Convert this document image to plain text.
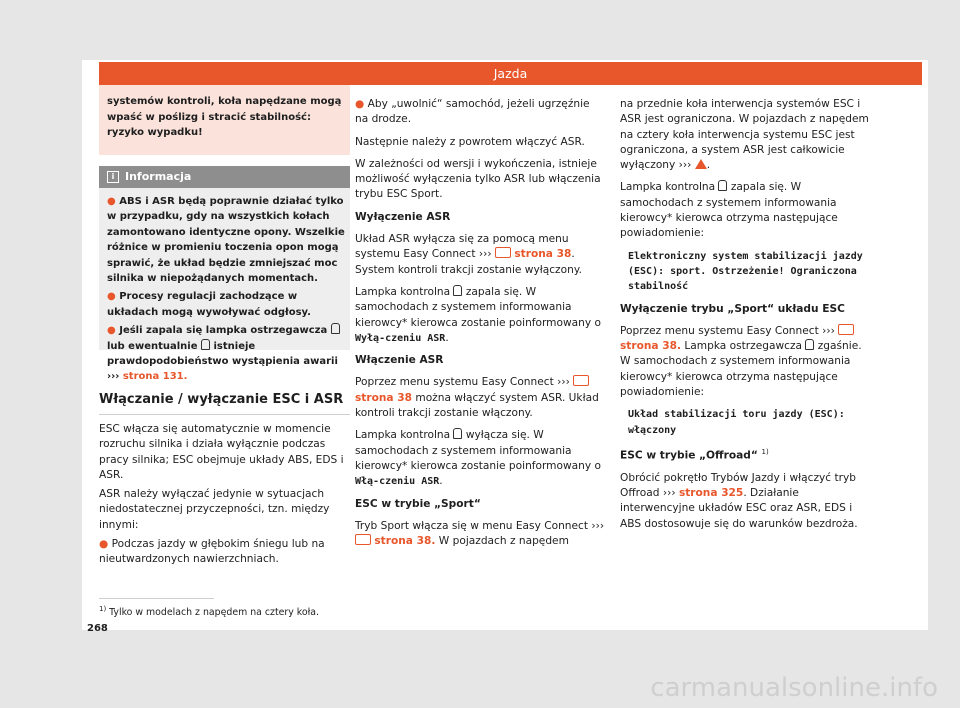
Jazda
systemów kontroli, koła napędzane mogą wpaść w poślizg i stracić stabilność: ryzyko wypadku!
i Informacja
● ABS i ASR będą poprawnie działać tylko w przypadku, gdy na wszystkich kołach zamontowano identyczne opony. Wszelkie różnice w promieniu toczenia opon mogą sprawić, że układ będzie zmniejszać moc silnika w niepożądanych momentach.
● Procesy regulacji zachodzące w układach mogą wywoływać odgłosy.
● Jeśli zapala się lampka ostrzegawcza  lub ewentualnie istnieje prawdopodobieństwo wystąpienia awarii ››› strona 131.
Włączanie / wyłączanie ESC i ASR

ESC włącza się automatycznie w momencie rozruchu silnika i działa wyłącznie podczas pracy silnika; ESC obejmuje układy ABS, EDS i ASR.

ASR należy wyłączać jedynie w sytuacjach niedostatecznej przyczepności, tzn. między innymi:

● Podczas jazdy w głębokim śniegu lub na nieutwardzonych nawierzchniach.

● Aby „uwolnić“ samochód, jeżeli ugrzęźnie na drodze.

Następnie należy z powrotem włączyć ASR.

W zależności od wersji i wykończenia, istnieje możliwość wyłączenia tylko ASR lub włączenia trybu ESC Sport.

Wyłączenie ASR

Układ ASR wyłącza się za pomocą menu systemu Easy Connect ››› strona 38. System kontroli trakcji zostanie wyłączony.

Lampka kontrolna zapala się. W samochodach z systemem informowania kierowcy* kierowca zostanie poinformowany o Wyłą-czeniu ASR.

Włączenie ASR

Poprzez menu systemu Easy Connect ›››  strona 38 można włączyć system ASR. Układ kontroli trakcji zostanie włączony.

Lampka kontrolna wyłącza się. W samochodach z systemem informowania kierowcy* kierowca zostanie poinformowany o Włą-czeniu ASR.

ESC w trybie „Sport“

Tryb Sport włącza się w menu Easy Connect ›››  strona 38. W pojazdach z napędem

na przednie koła interwencja systemów ESC i ASR jest ograniczona. W pojazdach z napędem na cztery koła interwencja systemu ESC jest ograniczona, a system ASR jest całkowicie wyłączony ››› .

Lampka kontrolna zapala się. W samochodach z systemem informowania kierowcy* kierowca otrzyma następujące powiadomienie:

Elektroniczny system stabilizacji jazdy (ESC): sport. Ostrzeżenie! Ograniczona stabilność

Wyłączenie trybu „Sport“ układu ESC

Poprzez menu systemu Easy Connect ›››  strona 38. Lampka ostrzegawcza zgaśnie. W samochodach z systemem informowania kierowcy* kierowca otrzyma następujące powiadomienie:

Układ stabilizacji toru jazdy (ESC): włączony

ESC w trybie „Offroad“ $^{1)}$

Obrócić pokrętło Trybów Jazdy i włączyć tryb Offroad ››› strona 325. Działanie interwencyjne układów ESC oraz ASR, EDS i ABS dostosowuje się do warunków bezdroża.

$^{1)}$ Tylko w modelach z napędem na cztery koła.
268
carmanualsonline.info
